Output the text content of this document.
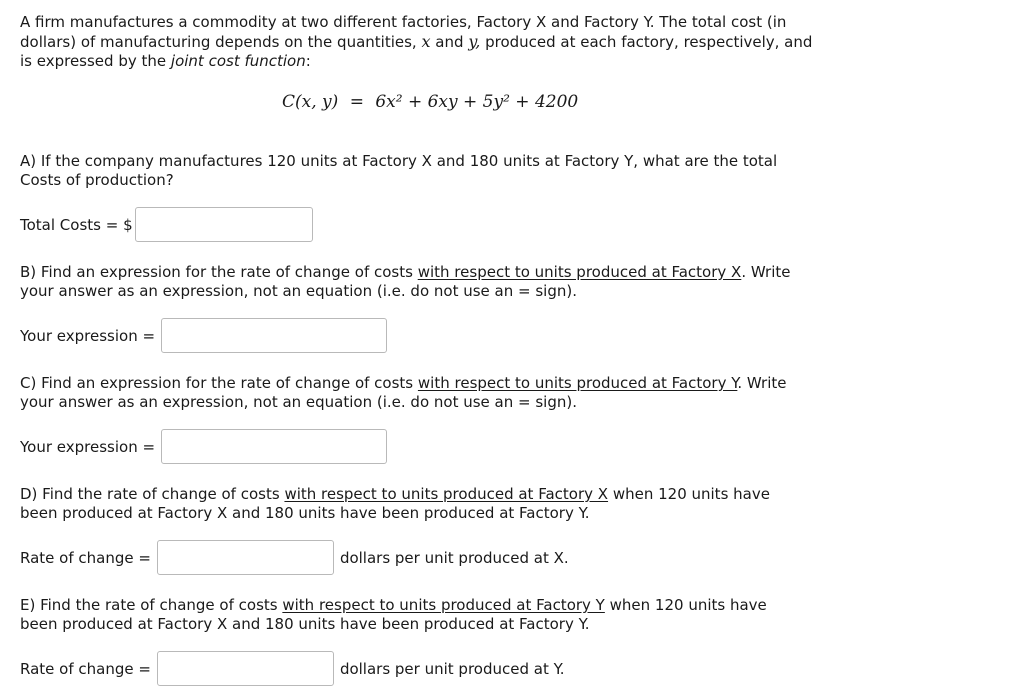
A firm manufactures a commodity at two different factories, Factory X and Factory Y. The total cost (in dollars) of manufacturing depends on the quantities, x and y, produced at each factory, respectively, and is expressed by the joint cost function:

C(x, y) = 6x² + 6xy + 5y² + 4200

A) If the company manufactures 120 units at Factory X and 180 units at Factory Y, what are the total Costs of production?

Total Costs = $

B) Find an expression for the rate of change of costs with respect to units produced at Factory X. Write your answer as an expression, not an equation (i.e. do not use an = sign).

Your expression =

C) Find an expression for the rate of change of costs with respect to units produced at Factory Y. Write your answer as an expression, not an equation (i.e. do not use an = sign).

Your expression =

D) Find the rate of change of costs with respect to units produced at Factory X when 120 units have been produced at Factory X and 180 units have been produced at Factory Y.

Rate of change =	dollars per unit produced at X.

E) Find the rate of change of costs with respect to units produced at Factory Y when 120 units have been produced at Factory X and 180 units have been produced at Factory Y.

Rate of change =	dollars per unit produced at Y.
